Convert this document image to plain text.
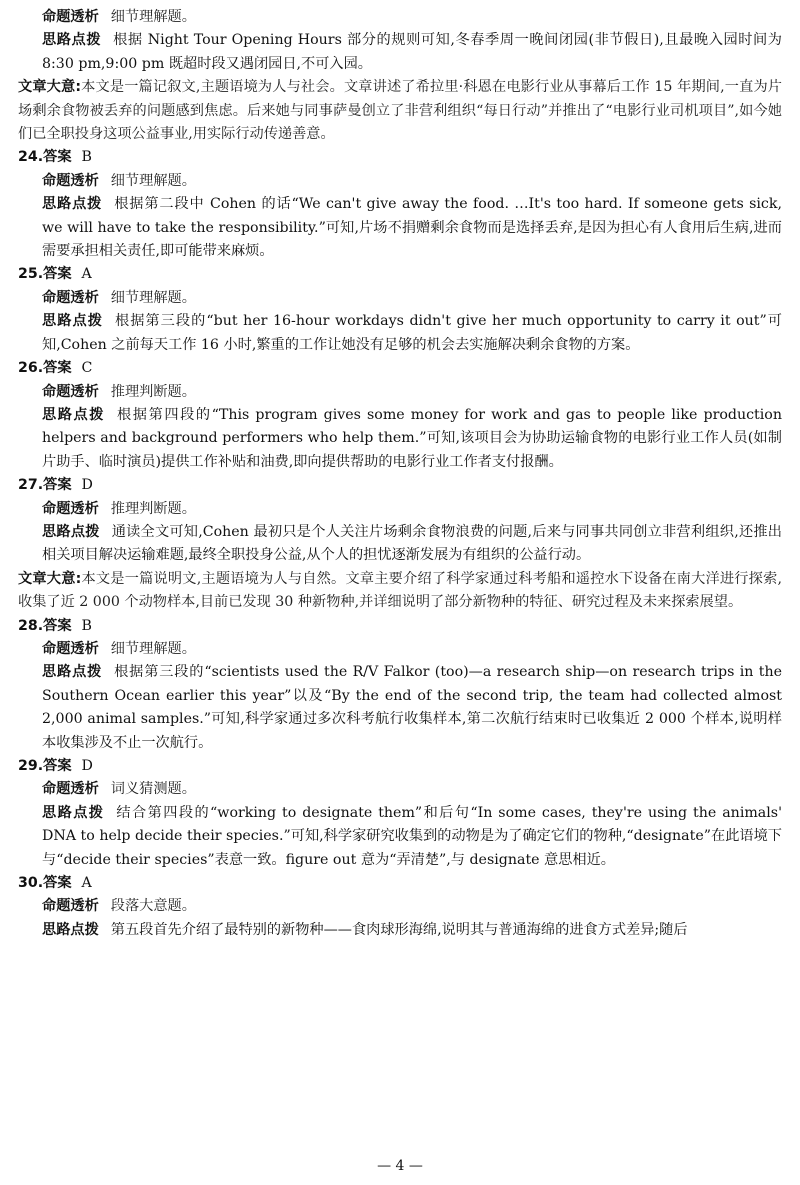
命题透析 细节理解题。
思路点拨 根据 Night Tour Opening Hours 部分的规则可知,冬春季周一晚间闭园(非节假日),且最晚入园时间为 8:30 pm,9:00 pm 既超时段又遇闭园日,不可入园。
文章大意:本文是一篇记叙文,主题语境为人与社会。文章讲述了希拉里·科恩在电影行业从事幕后工作 15 年期间,一直为片场剩余食物被丢弃的问题感到焦虑。后来她与同事萨曼创立了非营利组织“每日行动”并推出了“电影行业司机项目”,如今她们已全职投身这项公益事业,用实际行动传递善意。
24.答案 B
命题透析 细节理解题。
思路点拨 根据第二段中 Cohen 的话“We can't give away the food. …It's too hard. If someone gets sick, we will have to take the responsibility.”可知,片场不捐赠剩余食物而是选择丢弃,是因为担心有人食用后生病,进而需要承担相关责任,即可能带来麻烦。
25.答案 A
命题透析 细节理解题。
思路点拨 根据第三段的“but her 16-hour workdays didn't give her much opportunity to carry it out”可知,Cohen 之前每天工作 16 小时,繁重的工作让她没有足够的机会去实施解决剩余食物的方案。
26.答案 C
命题透析 推理判断题。
思路点拨 根据第四段的“This program gives some money for work and gas to people like production helpers and background performers who help them.”可知,该项目会为协助运输食物的电影行业工作人员(如制片助手、临时演员)提供工作补贴和油费,即向提供帮助的电影行业工作者支付报酬。
27.答案 D
命题透析 推理判断题。
思路点拨 通读全文可知,Cohen 最初只是个人关注片场剩余食物浪费的问题,后来与同事共同创立非营利组织,还推出相关项目解决运输难题,最终全职投身公益,从个人的担忧逐渐发展为有组织的公益行动。
文章大意:本文是一篇说明文,主题语境为人与自然。文章主要介绍了科学家通过科考船和遥控水下设备在南大洋进行探索,收集了近 2 000 个动物样本,目前已发现 30 种新物种,并详细说明了部分新物种的特征、研究过程及未来探索展望。
28.答案 B
命题透析 细节理解题。
思路点拨 根据第三段的“scientists used the R/V Falkor (too)—a research ship—on research trips in the Southern Ocean earlier this year”以及“By the end of the second trip, the team had collected almost 2,000 animal samples.”可知,科学家通过多次科考航行收集样本,第二次航行结束时已收集近 2 000 个样本,说明样本收集涉及不止一次航行。
29.答案 D
命题透析 词义猜测题。
思路点拨 结合第四段的“working to designate them”和后句“In some cases, they're using the animals' DNA to help decide their species.”可知,科学家研究收集到的动物是为了确定它们的物种,“designate”在此语境下与“decide their species”表意一致。figure out 意为“弄清楚”,与 designate 意思相近。
30.答案 A
命题透析 段落大意题。
思路点拨 第五段首先介绍了最特别的新物种——食肉球形海绵,说明其与普通海绵的进食方式差异;随后
— 4 —
